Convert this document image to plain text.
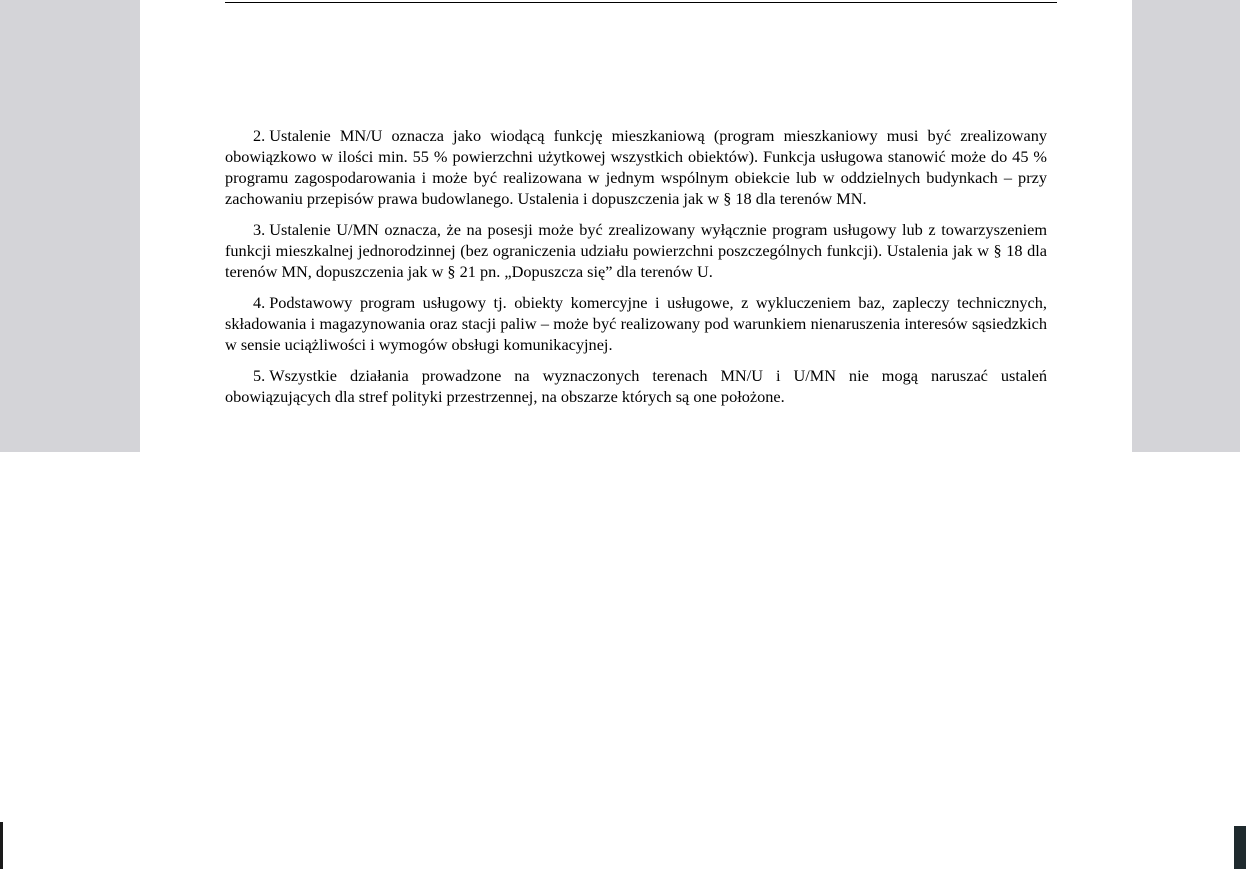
2. Ustalenie MN/U oznacza jako wiodącą funkcję mieszkaniową (program mieszkaniowy musi być zrealizowany obowiązkowo w ilości min. 55 % powierzchni użytkowej wszystkich obiektów). Funkcja usługowa stanowić może do 45 % programu zagospodarowania i może być realizowana w jednym wspólnym obiekcie lub w oddzielnych budynkach – przy zachowaniu przepisów prawa budowlanego. Ustalenia i dopuszczenia jak w § 18 dla terenów MN.

3. Ustalenie U/MN oznacza, że na posesji może być zrealizowany wyłącznie program usługowy lub z towarzyszeniem funkcji mieszkalnej jednorodzinnej (bez ograniczenia udziału powierzchni poszczególnych funkcji). Ustalenia jak w § 18 dla terenów MN, dopuszczenia jak w § 21 pn. „Dopuszcza się” dla terenów U.

4. Podstawowy program usługowy tj. obiekty komercyjne i usługowe, z wykluczeniem baz, zapleczy technicznych, składowania i magazynowania oraz stacji paliw – może być realizowany pod warunkiem nienaruszenia interesów sąsiedzkich w sensie uciążliwości i wymogów obsługi komunikacyjnej.

5. Wszystkie działania prowadzone na wyznaczonych terenach MN/U i U/MN nie mogą naruszać ustaleń obowiązujących dla stref polityki przestrzennej, na obszarze których są one położone.
